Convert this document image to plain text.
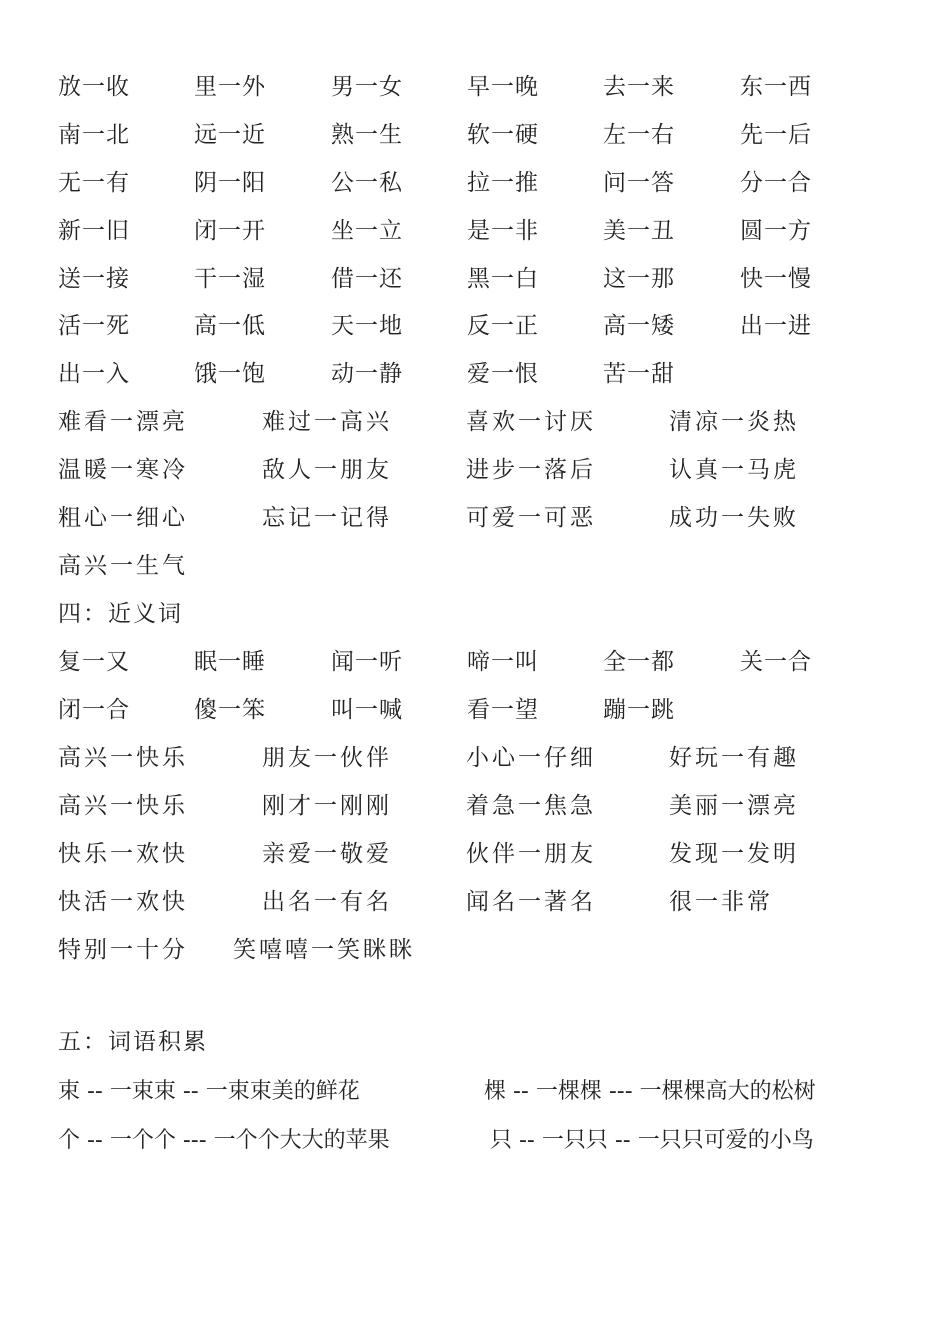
放一收	里一外	男一女	早一晚	去一来	东一西
南一北	远一近	熟一生	软一硬	左一右	先一后
无一有	阴一阳	公一私	拉一推	问一答	分一合
新一旧	闭一开	坐一立	是一非	美一丑	圆一方
送一接	干一湿	借一还	黑一白	这一那	快一慢
活一死	高一低	天一地	反一正	高一矮	出一进
出一入	饿一饱	动一静	爱一恨	苦一甜
难看一漂亮	难过一高兴	喜欢一讨厌	清凉一炎热
温暖一寒冷	敌人一朋友	进步一落后	认真一马虎
粗心一细心	忘记一记得	可爱一可恶	成功一失败
高兴一生气
四：近义词
复一又	眠一睡	闻一听	啼一叫	全一都	关一合
闭一合	傻一笨	叫一喊	看一望	蹦一跳
高兴一快乐	朋友一伙伴	小心一仔细	好玩一有趣
高兴一快乐	刚才一刚刚	着急一焦急	美丽一漂亮
快乐一欢快	亲爱一敬爱	伙伴一朋友	发现一发明
快活一欢快	出名一有名	闻名一著名	很一非常
特别一十分 笑嘻嘻一笑眯眯
五：词语积累
束 -- 一束束 -- 一束束美的鲜花	棵 -- 一棵棵 --- 一棵棵高大的松树
个 -- 一个个 --- 一个个大大的苹果	只 -- 一只只 -- 一只只可爱的小鸟
